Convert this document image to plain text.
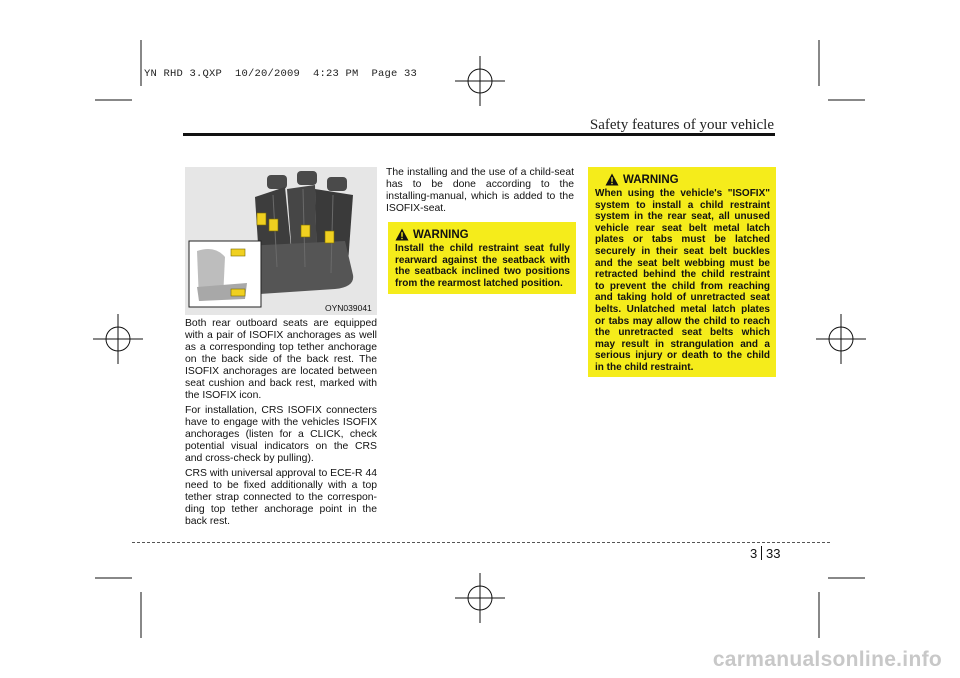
YN RHD 3.QXP  10/20/2009  4:23 PM  Page 33
Safety features of your vehicle
OYN039041

Both rear outboard seats are equipped with a pair of ISOFIX anchorages as well as a corresponding top tether anchorage on the back side of the back rest. The ISOFIX anchorages are located between seat cushion and back rest, marked with the ISOFIX icon.

For installation, CRS ISOFIX connecters have to engage with the vehicles ISOFIX anchorages (listen for a CLICK, check potential visual indicators on the CRS and cross-check by pulling).

CRS with universal approval to ECE-R 44 need to be fixed additionally with a top tether strap connected to the correspon-ding top tether anchorage point in the back rest.

The installing and the use of a child-seat has to be done according to the installing-manual, which is added to the ISOFIX-seat.

WARNING
Install the child restraint seat fully rearward against the seatback with the seatback inclined two positions from the rearmost latched position.
WARNING
When using the vehicle's "ISOFIX" system to install a child restraint system in the rear seat, all unused vehicle rear seat belt metal latch plates or tabs must be latched securely in their seat belt buckles and the seat belt webbing must be retracted behind the child restraint to prevent the child from reaching and taking hold of unretracted seat belts. Unlatched metal latch plates or tabs may allow the child to reach the unretracted seat belts which may result in strangulation and a serious injury or death to the child in the child restraint.
3 33
carmanualsonline.info
